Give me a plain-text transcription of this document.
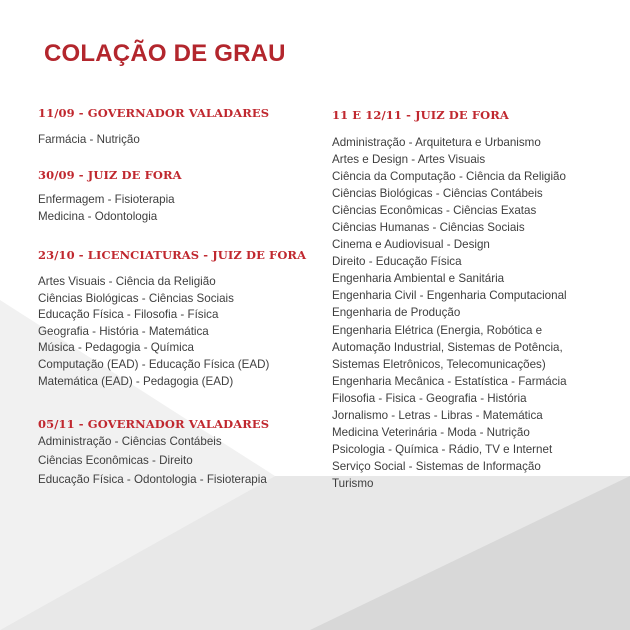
COLAÇÃO DE GRAU
11/09 - GOVERNADOR VALADARES
Farmácia - Nutrição
30/09 - JUIZ DE FORA
Enfermagem - Fisioterapia
Medicina - Odontologia
23/10 - LICENCIATURAS - JUIZ DE FORA
Artes Visuais - Ciência da Religião
Ciências Biológicas - Ciências Sociais
Educação Física - Filosofia - Física
Geografia - História - Matemática
Música - Pedagogia - Química
Computação (EAD) - Educação Física (EAD)
Matemática (EAD) - Pedagogia (EAD)
05/11 - GOVERNADOR VALADARES
Administração - Ciências Contábeis
Ciências Econômicas - Direito
Educação Física - Odontologia - Fisioterapia
11 E 12/11 - JUIZ DE FORA
Administração - Arquitetura e Urbanismo
Artes e Design - Artes Visuais
Ciência da Computação - Ciência da Religião
Ciências Biológicas - Ciências Contábeis
Ciências Econômicas - Ciências Exatas
Ciências Humanas - Ciências Sociais
Cinema e Audiovisual - Design
Direito - Educação Física
Engenharia Ambiental e Sanitária
Engenharia Civil - Engenharia Computacional
Engenharia de Produção
Engenharia Elétrica (Energia, Robótica e
Automação Industrial, Sistemas de Potência,
Sistemas Eletrônicos, Telecomunicações)
Engenharia Mecânica - Estatística - Farmácia
Filosofia - Fisica - Geografia - História
Jornalismo - Letras - Libras - Matemática
Medicina Veterinária - Moda - Nutrição
Psicologia - Química - Rádio, TV e Internet
Serviço Social - Sistemas de Informação
Turismo
